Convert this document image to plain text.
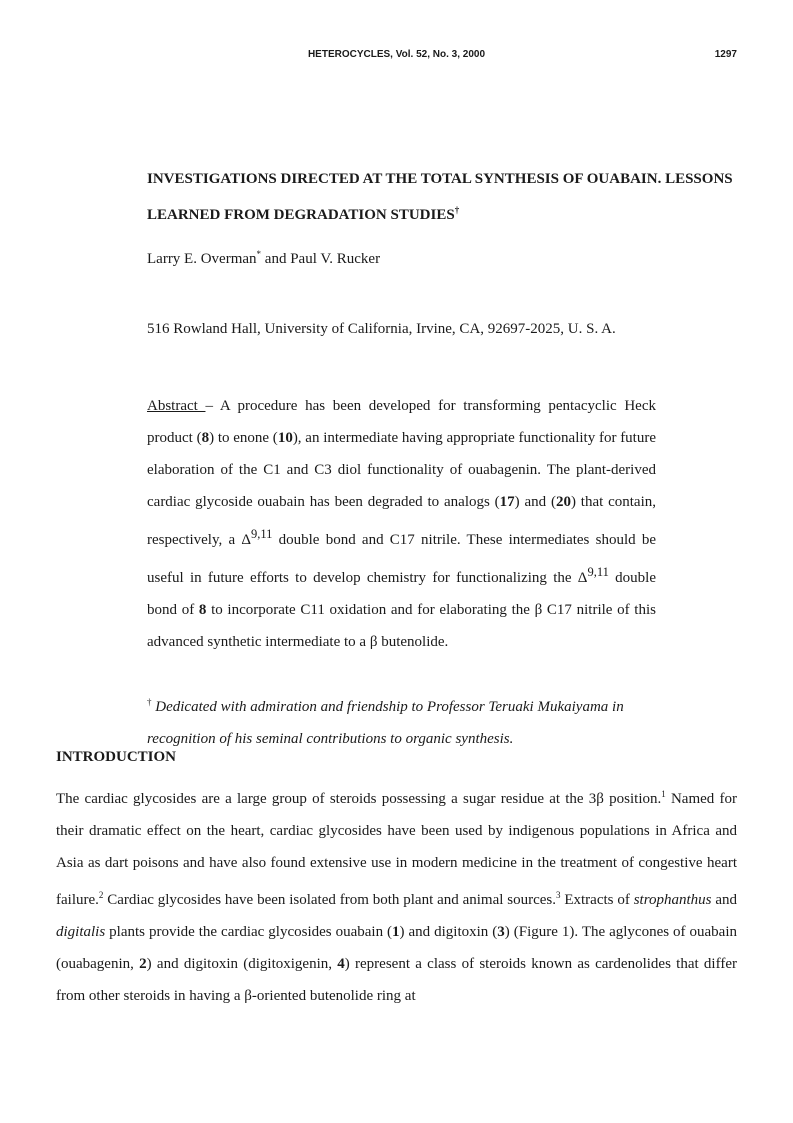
HETEROCYCLES, Vol. 52, No. 3, 2000	1297
INVESTIGATIONS DIRECTED AT THE TOTAL SYNTHESIS OF OUABAIN. LESSONS LEARNED FROM DEGRADATION STUDIES†

Larry E. Overman* and Paul V. Rucker

516 Rowland Hall, University of California, Irvine, CA, 92697-2025, U. S. A.

Abstract – A procedure has been developed for transforming pentacyclic Heck product (8) to enone (10), an intermediate having appropriate functionality for future elaboration of the C1 and C3 diol functionality of ouabagenin. The plant-derived cardiac glycoside ouabain has been degraded to analogs (17) and (20) that contain, respectively, a Δ$^{9,11}$ double bond and C17 nitrile. These intermediates should be useful in future efforts to develop chemistry for functionalizing the Δ$^{9,11}$ double bond of 8 to incorporate C11 oxidation and for elaborating the β C17 nitrile of this advanced synthetic intermediate to a β butenolide.

† Dedicated with admiration and friendship to Professor Teruaki Mukaiyama in recognition of his seminal contributions to organic synthesis.

INTRODUCTION

The cardiac glycosides are a large group of steroids possessing a sugar residue at the 3β position.$^1$ Named for their dramatic effect on the heart, cardiac glycosides have been used by indigenous populations in Africa and Asia as dart poisons and have also found extensive use in modern medicine in the treatment of congestive heart failure.$^2$ Cardiac glycosides have been isolated from both plant and animal sources.$^3$ Extracts of strophanthus and digitalis plants provide the cardiac glycosides ouabain (1) and digitoxin (3) (Figure 1). The aglycones of ouabain (ouabagenin, 2) and digitoxin (digitoxigenin, 4) represent a class of steroids known as cardenolides that differ from other steroids in having a β-oriented butenolide ring at
